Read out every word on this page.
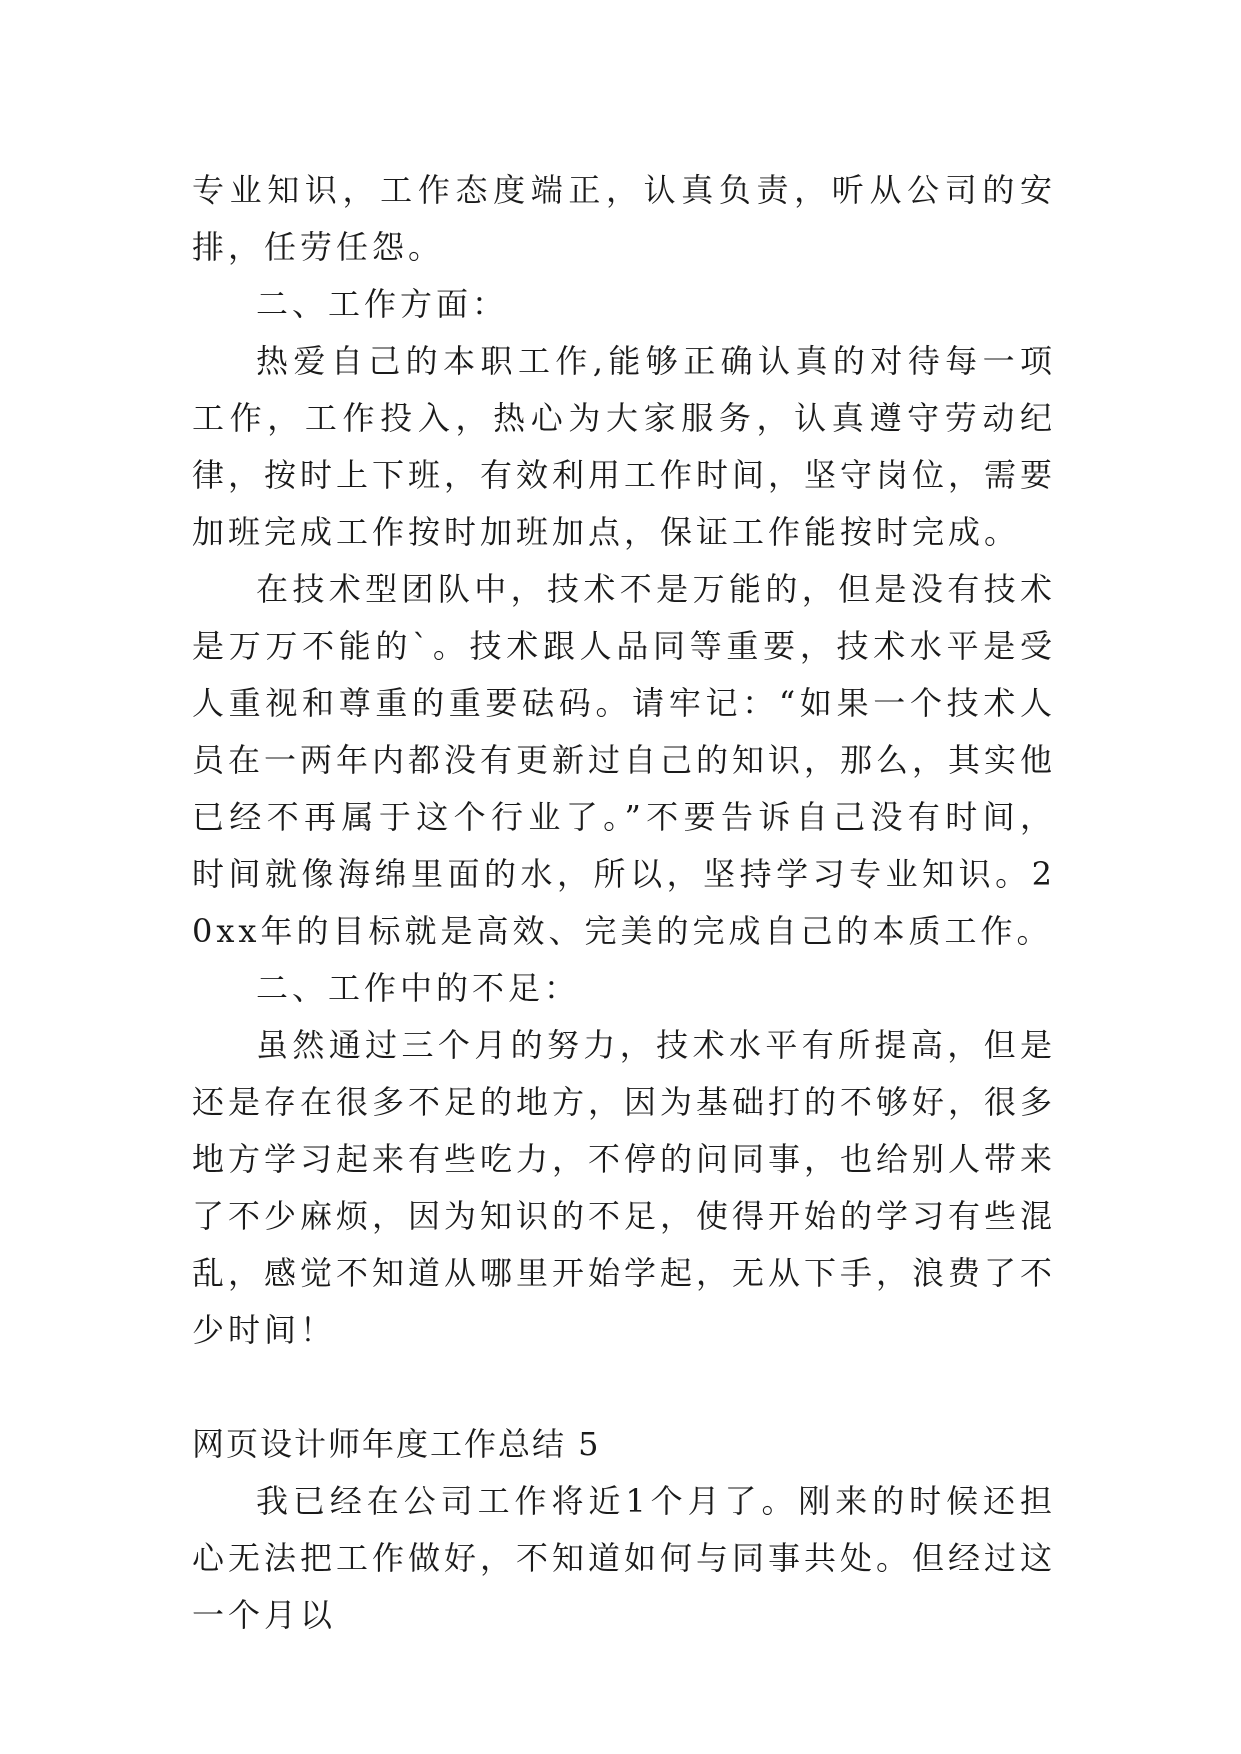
专业知识，工作态度端正，认真负责，听从公司的安排，任劳任怨。

二、工作方面：

热爱自己的本职工作,能够正确认真的对待每一项工作，工作投入，热心为大家服务，认真遵守劳动纪律，按时上下班，有效利用工作时间，坚守岗位，需要加班完成工作按时加班加点，保证工作能按时完成。

在技术型团队中，技术不是万能的，但是没有技术是万万不能的`。技术跟人品同等重要，技术水平是受人重视和尊重的重要砝码。请牢记：“如果一个技术人员在一两年内都没有更新过自己的知识，那么，其实他已经不再属于这个行业了。”不要告诉自己没有时间，时间就像海绵里面的水，所以，坚持学习专业知识。20xx年的目标就是高效、完美的完成自己的本质工作。

二、工作中的不足：

虽然通过三个月的努力，技术水平有所提高，但是还是存在很多不足的地方，因为基础打的不够好，很多地方学习起来有些吃力，不停的问同事，也给别人带来了不少麻烦，因为知识的不足，使得开始的学习有些混乱，感觉不知道从哪里开始学起，无从下手，浪费了不少时间！

网页设计师年度工作总结 5

我已经在公司工作将近1个月了。刚来的时候还担心无法把工作做好，不知道如何与同事共处。但经过这一个月以
